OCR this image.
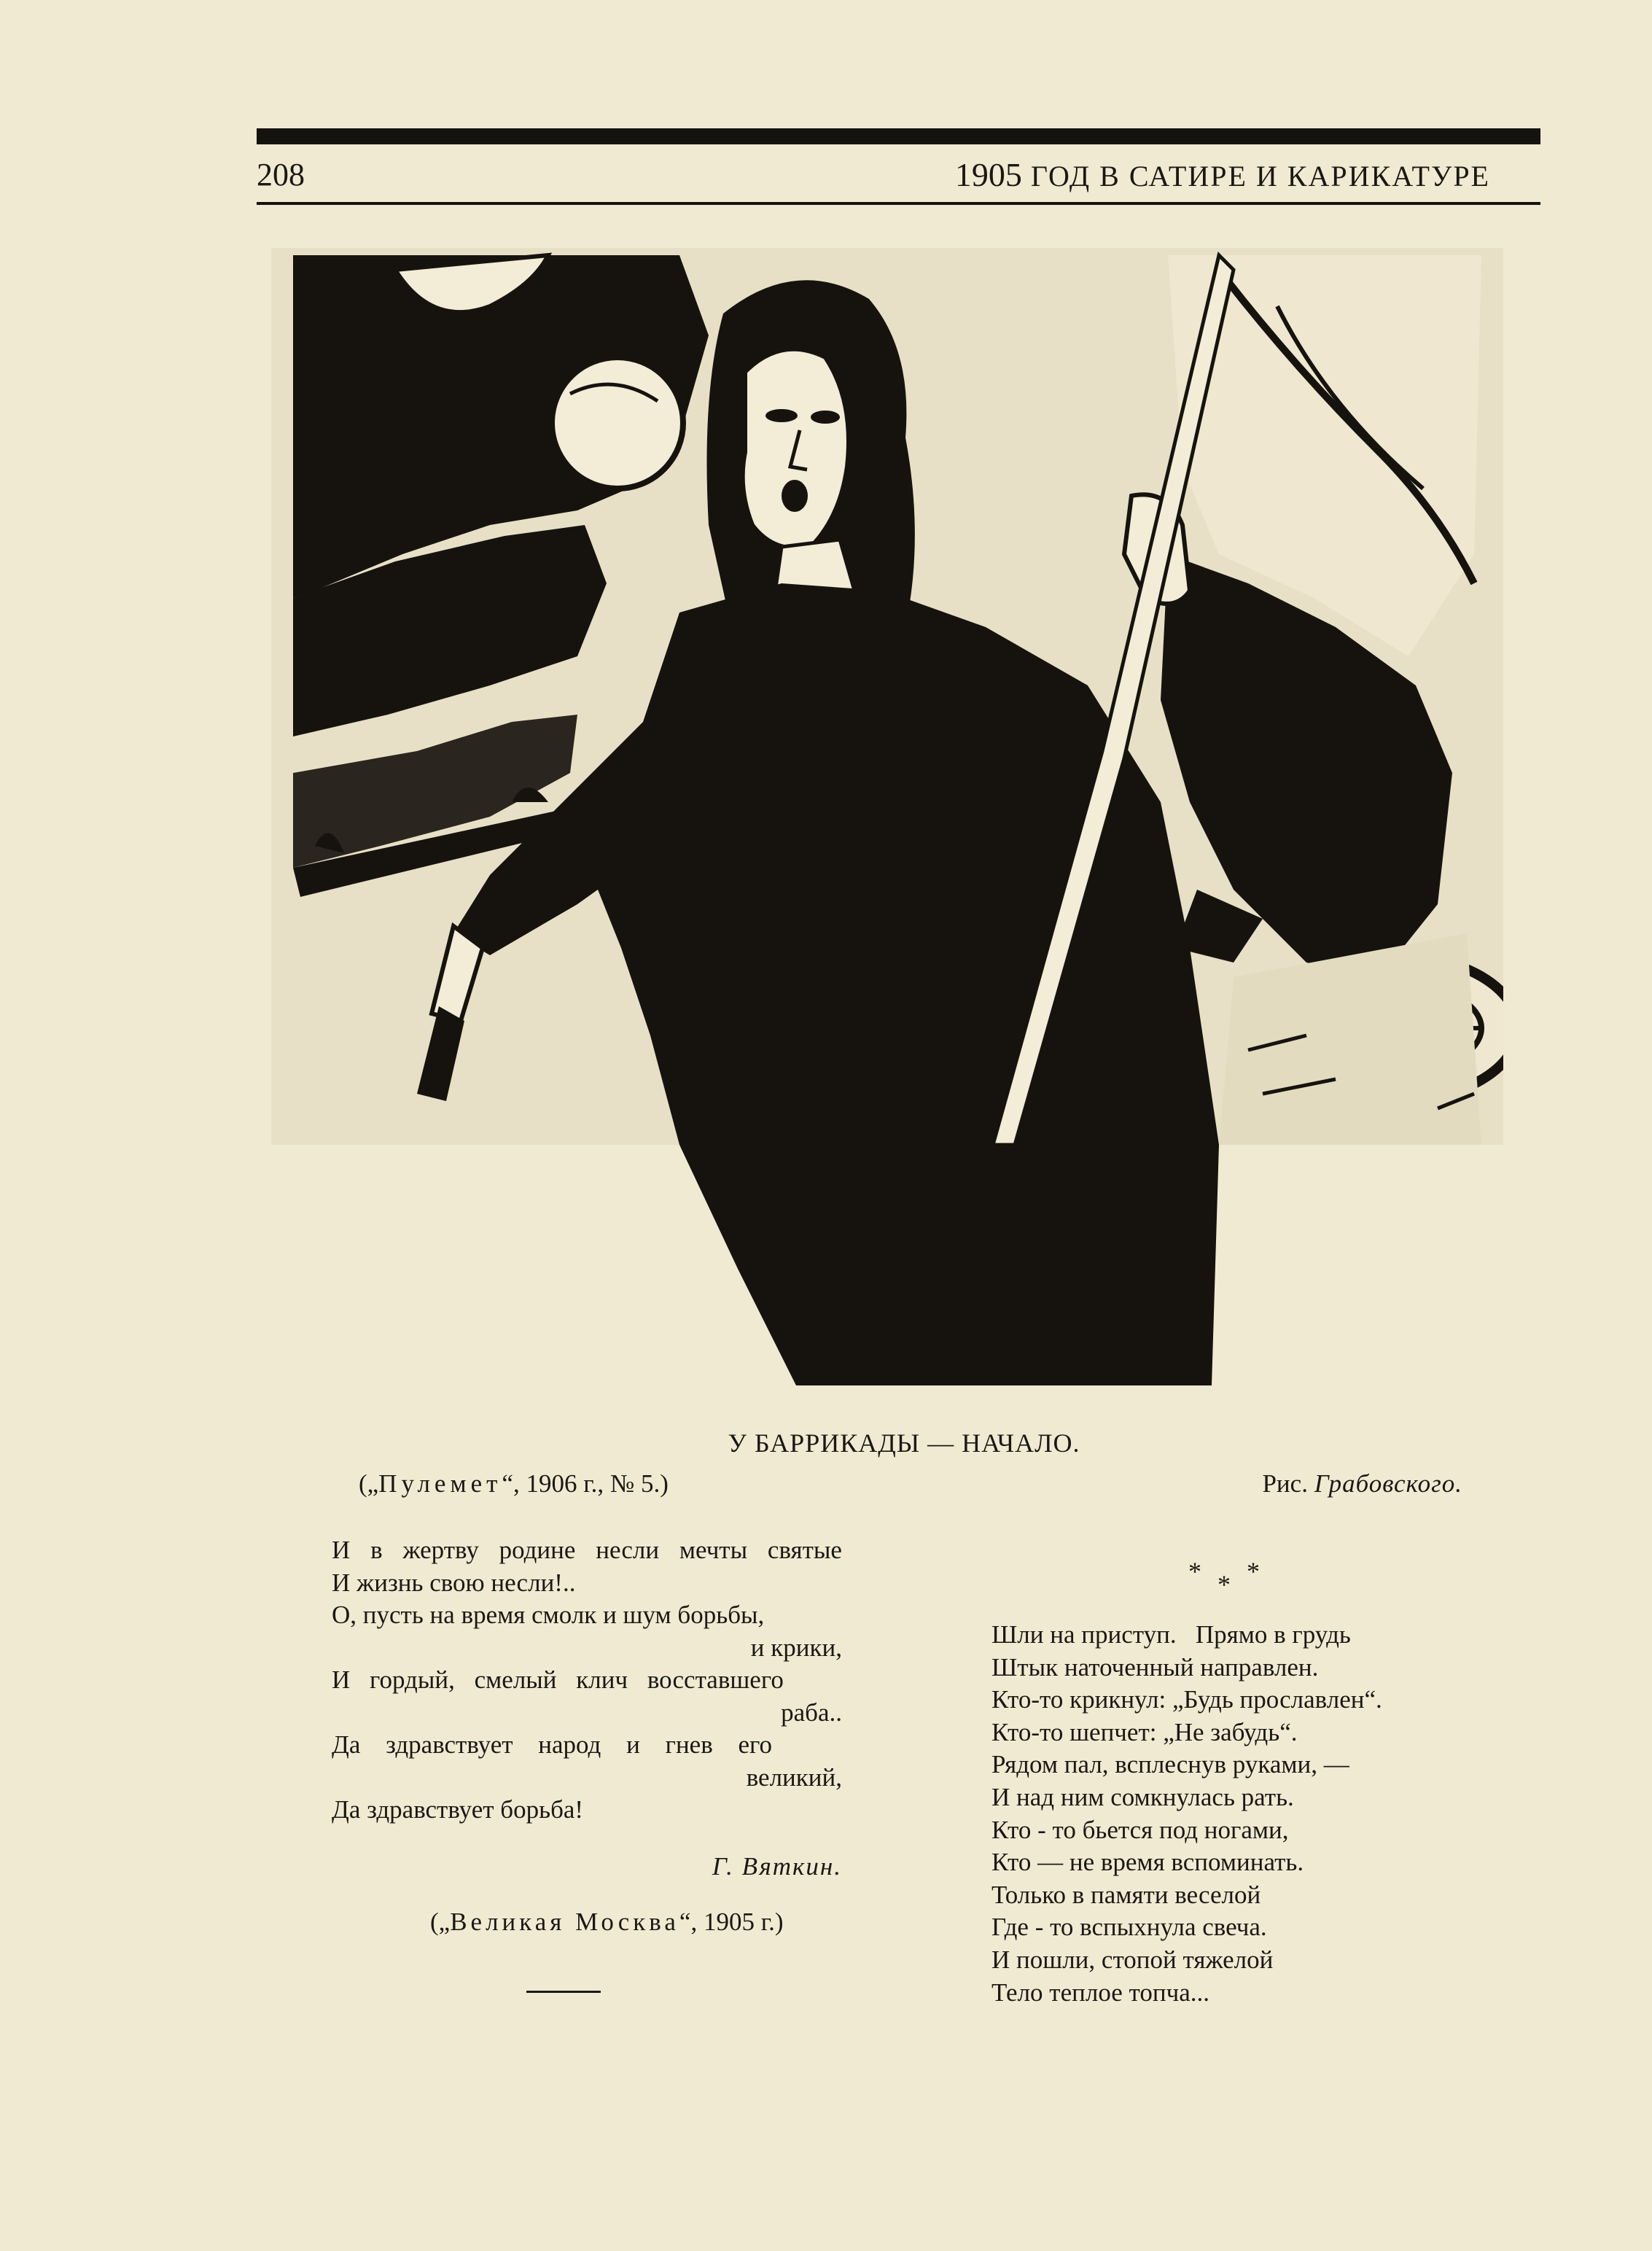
208	1905 ГОД В САТИРЕ И КАРИКАТУРЕ
У БАРРИКАДЫ — НАЧАЛО.
(„Пулемет“, 1906 г., № 5.)	Рис. Грабовского.
И в жертву родине несли мечты святые
И жизнь свою несли!..
О, пусть на время смолк и шум борьбы,
и крики,
И гордый, смелый клич восставшего
раба..
Да здравствует народ и гнев его
великий,
Да здравствует борьба!
Г. Вяткин.
(„Великая Москва“, 1905 г.)
* * *
Шли на приступ.   Прямо в грудь
Штык наточенный направлен.
Кто-то крикнул: „Будь прославлен“.
Кто-то шепчет: „Не забудь“.
Рядом пал, всплеснув руками, —
И над ним сомкнулась рать.
Кто - то бьется под ногами,
Кто — не время вспоминать.
Только в памяти веселой
Где - то вспыхнула свеча.
И пошли, стопой тяжелой
Тело теплое топча...
